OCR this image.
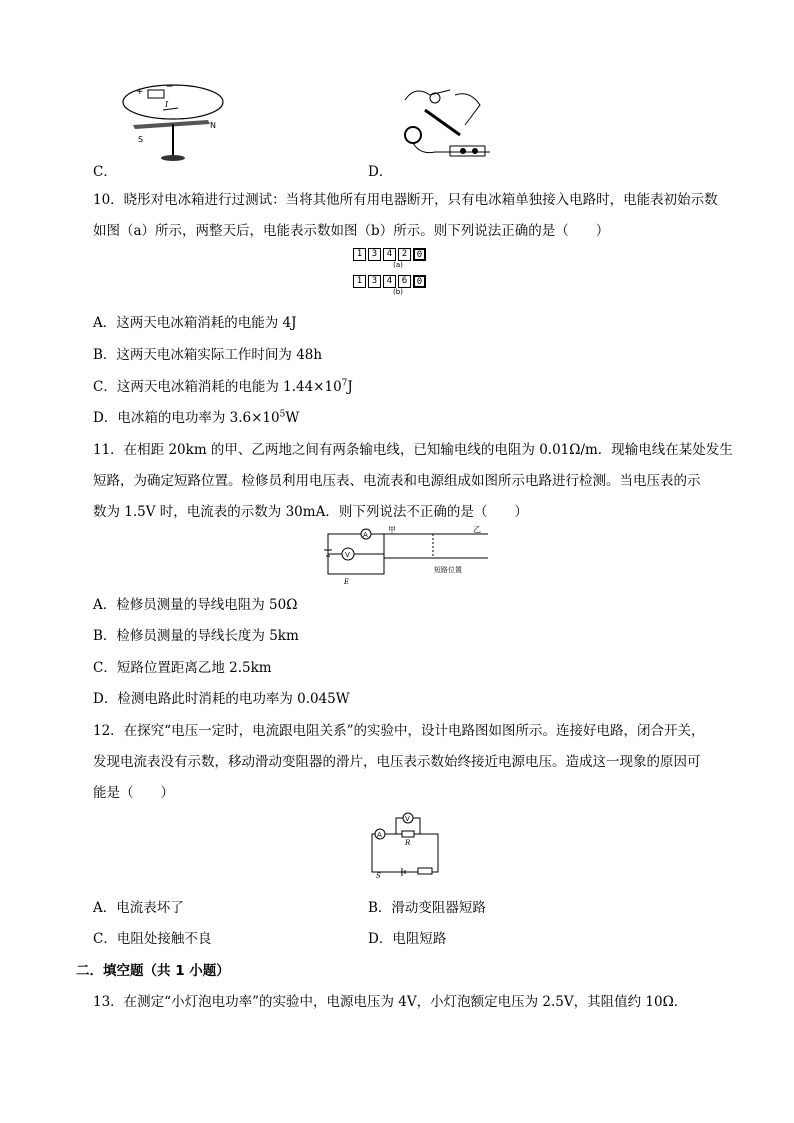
+ −
I
S
N
C．	D．
10．晓彤对电冰箱进行过测试：当将其他所有用电器断开，只有电冰箱单独接入电路时，电能表初始示数
如图（a）所示，两整天后，电能表示数如图（b）所示。则下列说法正确的是（　　）
1	3	4	2	0
(a)
1	3	4	6	0
(b)
A．这两天电冰箱消耗的电能为 4J
B．这两天电冰箱实际工作时间为 48h
C．这两天电冰箱消耗的电能为 $1.44\times 10^7J$
D．电冰箱的电功率为 $3.6\times 10^5W$
11．在相距 20km 的甲、乙两地之间有两条输电线，已知输电线的电阻为 0.01Ω/m．现输电线在某处发生
短路，为确定短路位置。检修员利用电压表、电流表和电源组成如图所示电路进行检测。当电压表的示
数为 1.5V 时，电流表的示数为 30mA．则下列说法不正确的是（　　）
A
V
E
甲	乙
短路位置
A．检修员测量的导线电阻为 50Ω
B．检修员测量的导线长度为 5km
C．短路位置距离乙地 2.5km
D．检测电路此时消耗的电功率为 0.045W
12．在探究“电压一定时，电流跟电阻关系”的实验中，设计电路图如图所示。连接好电路，闭合开关，
发现电流表没有示数，移动滑动变阻器的滑片，电压表示数始终接近电源电压。造成这一现象的原因可
能是（　　）
V
R
A
S
A．电流表坏了	B．滑动变阻器短路
C．电阻处接触不良	D．电阻短路
二．填空题（共 1 小题）
13．在测定“小灯泡电功率”的实验中，电源电压为 4V，小灯泡额定电压为 2.5V，其阻值约 10Ω．
